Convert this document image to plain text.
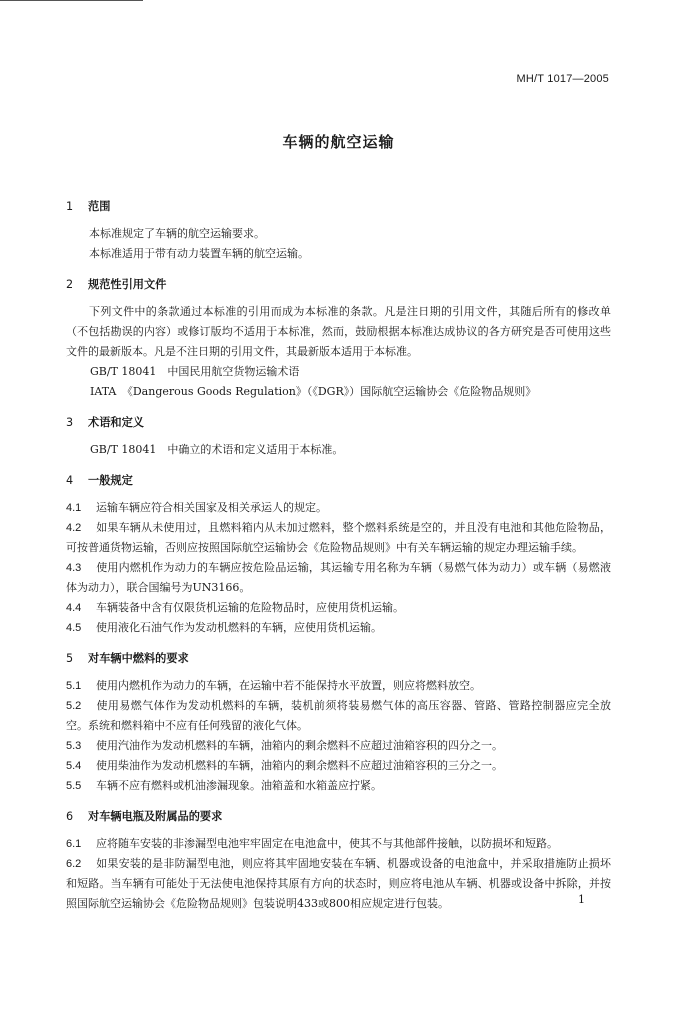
MH/T 1017—2005
车辆的航空运输

1 范围

本标准规定了车辆的航空运输要求。

本标准适用于带有动力装置车辆的航空运输。

2 规范性引用文件

下列文件中的条款通过本标准的引用而成为本标准的条款。凡是注日期的引用文件，其随后所有的修改单（不包括勘误的内容）或修订版均不适用于本标准，然而，鼓励根据本标准达成协议的各方研究是否可使用这些文件的最新版本。凡是不注日期的引用文件，其最新版本适用于本标准。

GB/T 18041　中国民用航空货物运输术语

IATA　《Dangerous Goods Regulation》（《DGR》）国际航空运输协会《危险物品规则》

3 术语和定义

GB/T 18041　中确立的术语和定义适用于本标准。

4 一般规定

4.1 运输车辆应符合相关国家及相关承运人的规定。

4.2 如果车辆从未使用过，且燃料箱内从未加过燃料，整个燃料系统是空的，并且没有电池和其他危险物品，可按普通货物运输，否则应按照国际航空运输协会《危险物品规则》中有关车辆运输的规定办理运输手续。

4.3 使用内燃机作为动力的车辆应按危险品运输，其运输专用名称为车辆（易燃气体为动力）或车辆（易燃液体为动力），联合国编号为UN3166。

4.4 车辆装备中含有仅限货机运输的危险物品时，应使用货机运输。

4.5 使用液化石油气作为发动机燃料的车辆，应使用货机运输。

5 对车辆中燃料的要求

5.1 使用内燃机作为动力的车辆，在运输中若不能保持水平放置，则应将燃料放空。

5.2 使用易燃气体作为发动机燃料的车辆，装机前须将装易燃气体的高压容器、管路、管路控制器应完全放空。系统和燃料箱中不应有任何残留的液化气体。

5.3 使用汽油作为发动机燃料的车辆，油箱内的剩余燃料不应超过油箱容积的四分之一。

5.4 使用柴油作为发动机燃料的车辆，油箱内的剩余燃料不应超过油箱容积的三分之一。

5.5 车辆不应有燃料或机油渗漏现象。油箱盖和水箱盖应拧紧。

6 对车辆电瓶及附属品的要求

6.1 应将随车安装的非渗漏型电池牢牢固定在电池盒中，使其不与其他部件接触，以防损坏和短路。

6.2 如果安装的是非防漏型电池，则应将其牢固地安装在车辆、机器或设备的电池盒中，并采取措施防止损坏和短路。当车辆有可能处于无法使电池保持其原有方向的状态时，则应将电池从车辆、机器或设备中拆除，并按照国际航空运输协会《危险物品规则》包装说明433或800相应规定进行包装。	1
